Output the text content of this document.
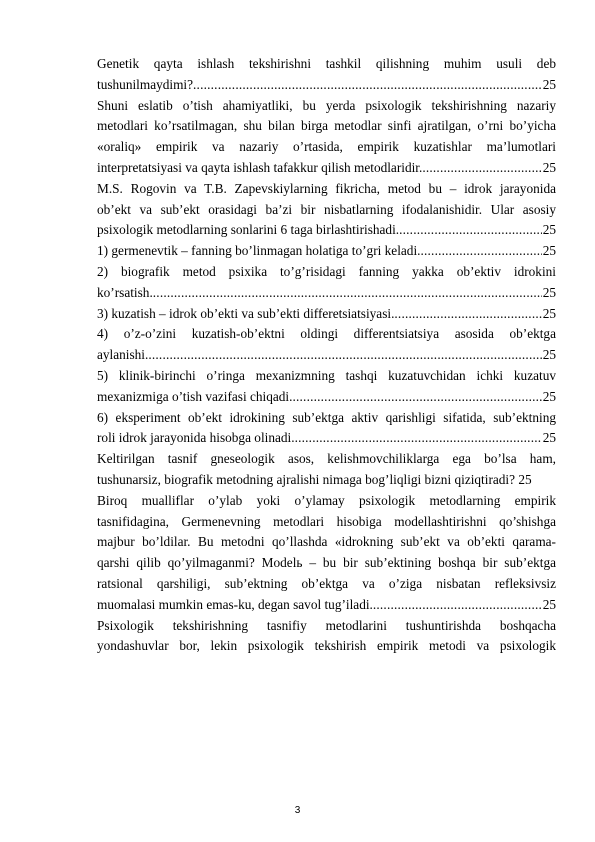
Genetik qayta ishlash tekshirishni tashkil qilishning muhim usuli deb
tushunilmaydimi? .....	25
Shuni eslatib o’tish ahamiyatliki, bu yerda psixologik tekshirishning nazariy
metodlari ko’rsatilmagan, shu bilan birga metodlar sinfi ajratilgan, o’rni bo’yicha
«oraliq» empirik va nazariy o’rtasida, empirik kuzatishlar ma’lumotlari
interpretatsiyasi va qayta ishlash tafakkur qilish metodlaridir. .....	25
M.S. Rogovin va T.B. Zapevskiylarning fikricha, metod bu – idrok jarayonida
ob’ekt va sub’ekt orasidagi ba’zi bir nisbatlarning ifodalanishidir. Ular asosiy
psixologik metodlarning sonlarini 6 taga birlashtirishadi. .....	25
1) germenevtik – fanning bo’linmagan holatiga to’gri keladi. .....	25
2) biografik metod psixika to’g’risidagi fanning yakka ob’ektiv idrokini
ko’rsatish. .....	25
3) kuzatish – idrok ob’ekti va sub’ekti differetsiatsiyasi. .....	25
4) o’z-o’zini kuzatish-ob’ektni oldingi differentsiatsiya asosida ob’ektga
aylanishi. .....	25
5) klinik-birinchi o’ringa mexanizmning tashqi kuzatuvchidan ichki kuzatuv
mexanizmiga o’tish vazifasi chiqadi. .....	25
6) eksperiment ob’ekt idrokining sub’ektga aktiv qarishligi sifatida, sub’ektning
roli idrok jarayonida hisobga olinadi. .....	25
Keltirilgan tasnif gneseologik asos, kelishmovchiliklarga ega bo’lsa ham,
tushunarsiz, biografik metodning ajralishi nimaga bog’liqligi bizni qiziqtiradi? 25
Biroq mualliflar o’ylab yoki o’ylamay psixologik metodlarning empirik
tasnifidagina, Germenevning metodlari hisobiga modellashtirishni qo’shishga
majbur bo’ldilar. Bu metodni qo’llashda «idrokning sub’ekt va ob’ekti qarama-
qarshi qilib qo’yilmaganmi? Modelь – bu bir sub’ektining boshqa bir sub’ektga
ratsional qarshiligi, sub’ektning ob’ektga va o’ziga nisbatan refleksivsiz
muomalasi mumkin emas-ku, degan savol tug’iladi. .....	25
Psixologik tekshirishning tasnifiy metodlarini tushuntirishda boshqacha
yondashuvlar bor, lekin psixologik tekshirish empirik metodi va psixologik
3
